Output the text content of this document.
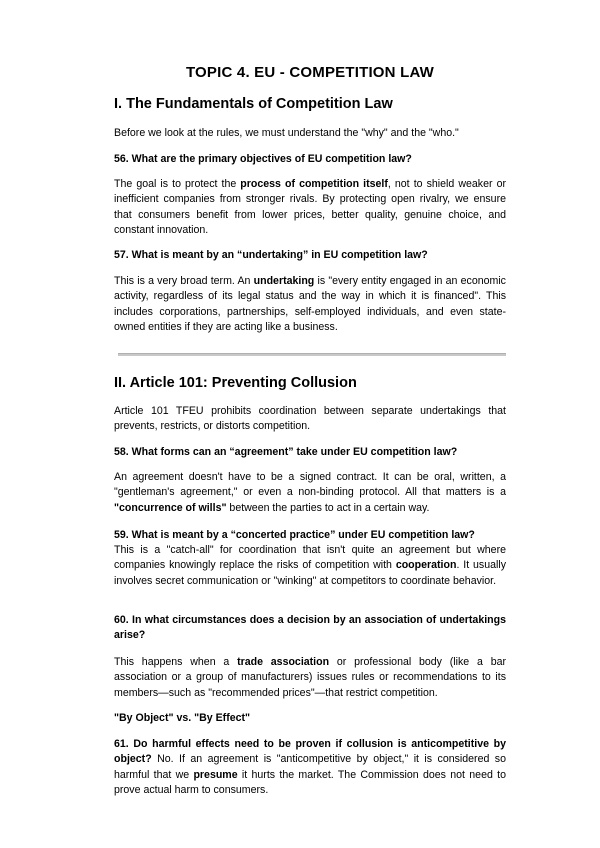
TOPIC 4. EU - COMPETITION LAW
I. The Fundamentals of Competition Law
Before we look at the rules, we must understand the "why" and the "who."
56. What are the primary objectives of EU competition law?
The goal is to protect the process of competition itself, not to shield weaker or inefficient companies from stronger rivals. By protecting open rivalry, we ensure that consumers benefit from lower prices, better quality, genuine choice, and constant innovation.
57. What is meant by an “undertaking” in EU competition law?
This is a very broad term. An undertaking is "every entity engaged in an economic activity, regardless of its legal status and the way in which it is financed". This includes corporations, partnerships, self-employed individuals, and even state-owned entities if they are acting like a business.
II. Article 101: Preventing Collusion
Article 101 TFEU prohibits coordination between separate undertakings that prevents, restricts, or distorts competition.
58. What forms can an “agreement” take under EU competition law?
An agreement doesn't have to be a signed contract. It can be oral, written, a "gentleman's agreement," or even a non-binding protocol. All that matters is a "concurrence of wills" between the parties to act in a certain way.
59. What is meant by a “concerted practice” under EU competition law?
This is a "catch-all" for coordination that isn't quite an agreement but where companies knowingly replace the risks of competition with cooperation. It usually involves secret communication or "winking" at competitors to coordinate behavior.
60. In what circumstances does a decision by an association of undertakings arise?
This happens when a trade association or professional body (like a bar association or a group of manufacturers) issues rules or recommendations to its members—such as "recommended prices"—that restrict competition.
"By Object" vs. "By Effect"
61. Do harmful effects need to be proven if collusion is anticompetitive by object? No. If an agreement is "anticompetitive by object," it is considered so harmful that we presume it hurts the market. The Commission does not need to prove actual harm to consumers.
